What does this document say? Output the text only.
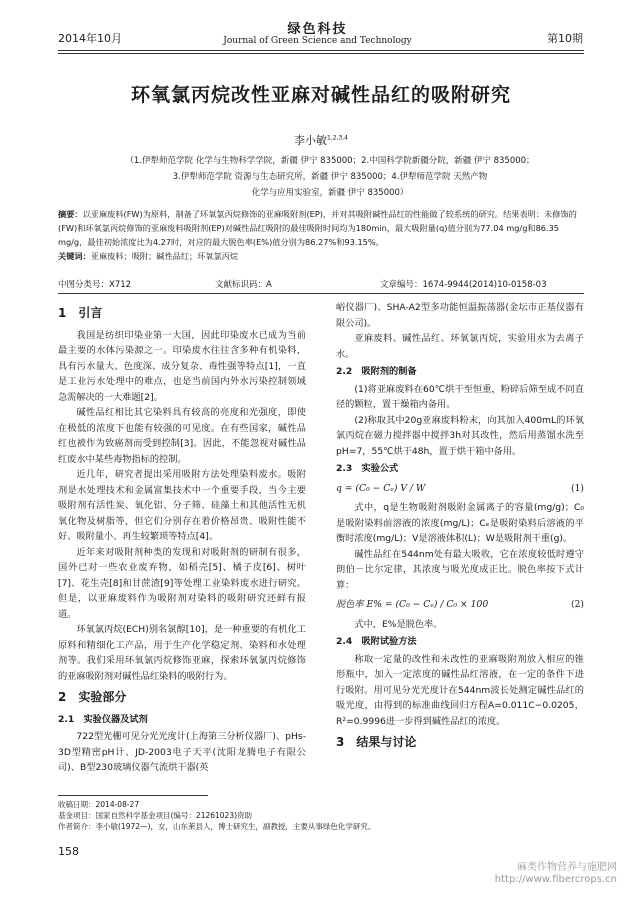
2014年10月
绿色科技
Journal of Green Science and Technology	第10期
环氧氯丙烷改性亚麻对碱性品红的吸附研究
李小敏$^{1,2,3,4}$
（1.伊犁师范学院 化学与生物科学学院，新疆 伊宁 835000；2.中国科学院新疆分院，新疆 伊宁 835000；
3.伊犁师范学院 资源与生态研究所，新疆 伊宁 835000；4.伊犁师范学院 天然产物
化学与应用实验室，新疆 伊宁 835000）
摘要：以亚麻废料(FW)为原料，制备了环氧氯丙烷修饰的亚麻吸附剂(EP)，并对其吸附碱性品红的性能做了较系统的研究。结果表明：未修饰的(FW)和环氧氯丙烷修饰的亚麻废料吸附剂(EP)对碱性品红吸附的最佳吸附时间均为180min，最大吸附量(q)值分别为77.04 mg/g和86.35 mg/g，最佳初始浓度比为4.27时，对应的最大脱色率(E%)值分别为86.27%和93.15%。
关键词：亚麻废料；吸附；碱性品红；环氧氯丙烷
中图分类号：X712	文献标识码：A	文章编号：1674-9944(2014)10-0158-03
1　引言

我国是纺织印染业第一大国，因此印染废水已成为当前最主要的水体污染源之一。印染废水往往含多种有机染料，具有污水量大、色度深、成分复杂、毒性强等特点[1]，一直是工业污水处理中的难点，也是当前国内外水污染控制领域急需解决的一大难题[2]。

碱性品红相比其它染料具有较高的亮度和光强度，即使在极低的浓度下也能有较强的可见度。在有些国家，碱性品红也被作为致癌剂而受到控制[3]。因此，不能忽视对碱性品红废水中某些毒物指标的控制。

近几年，研究者提出采用吸附方法处理染料废水。吸附剂是水处理技术和金属富集技术中一个重要手段，当今主要吸附剂有活性炭、氧化铝、分子筛、硅藻土和其他活性无机氧化物及树脂等，但它们分别存在着价格昂贵、吸附性能不好、吸附量小、再生较繁琐等特点[4]。

近年来对吸附剂种类的发现和对吸附剂的研制有很多，国外已对一些农业废弃物，如稻壳[5]、橘子皮[6]、树叶[7]、花生壳[8]和甘蔗渣[9]等处理工业染料废水进行研究。但是，以亚麻废料作为吸附剂对染料的吸附研究还鲜有报道。

环氧氯丙烷(ECH)别名氯醇[10]，是一种重要的有机化工原料和精细化工产品，用于生产化学稳定剂、染料和水处理剂等。我们采用环氧氯丙烷修饰亚麻，探索环氧氯丙烷修饰的亚麻吸附剂对碱性品红染料的吸附行为。

2　实验部分
2.1　实验仪器及试剂

722型光栅可见分光光度计(上海第三分析仪器厂)、pHs-3D型精密pH计、JD-2003电子天平(沈阳龙腾电子有限公司)、B型230玻璃仪器气流烘干器(英

峪仪器厂)、SHA-A2型多功能恒温振荡器(金坛市正基仪器有限公司)。

亚麻废料、碱性品红、环氧氯丙烷，实验用水为去离子水。

2.2　吸附剂的制备

(1)将亚麻废料在60℃烘干至恒重，粉碎后筛至成不同直径的颗粒，置干燥箱内备用。

(2)称取其中20g亚麻废料粉末，向其加入400mL的环氧氯丙烷在磁力搅拌器中搅拌3h对其改性，然后用蒸馏水洗至pH=7，55℃烘干48h，置于烘干箱中备用。

2.3　实验公式
q = (C₀ − Cₑ) V / W	(1)

式中，q是生物吸附剂吸附金属离子的容量(mg/g)；C₀是吸附染料前溶液的浓度(mg/L)；Cₑ是吸附染料后溶液的平衡时浓度(mg/L)；V是溶液体积(L)；W是吸附剂干重(g)。

碱性品红在544nm处有最大吸收，它在浓度较低时遵守朗伯－比尔定律，其浓度与吸光度成正比。脱色率按下式计算：

脱色率 E% = (C₀ − Cₑ) / C₀ × 100	(2)

式中，E%是脱色率。

2.4　吸附试验方法

称取一定量的改性和未改性的亚麻吸附剂放入相应的锥形瓶中，加入一定浓度的碱性品红溶液，在一定的条件下进行吸附。用可见分光光度计在544nm波长处测定碱性品红的吸光度，由得到的标准曲线回归方程A=0.011C−0.0205，R²=0.9996进一步得到碱性品红的浓度。

3　结果与讨论
收稿日期：2014-08-27
基金项目：国家自然科学基金项目(编号：21261023)资助
作者简介：李小敏(1972—)，女，山东莱县人，博士研究生，副教授，主要从事绿色化学研究。
158
麻类作物营养与施肥网
http://www.fibercrops.cn
